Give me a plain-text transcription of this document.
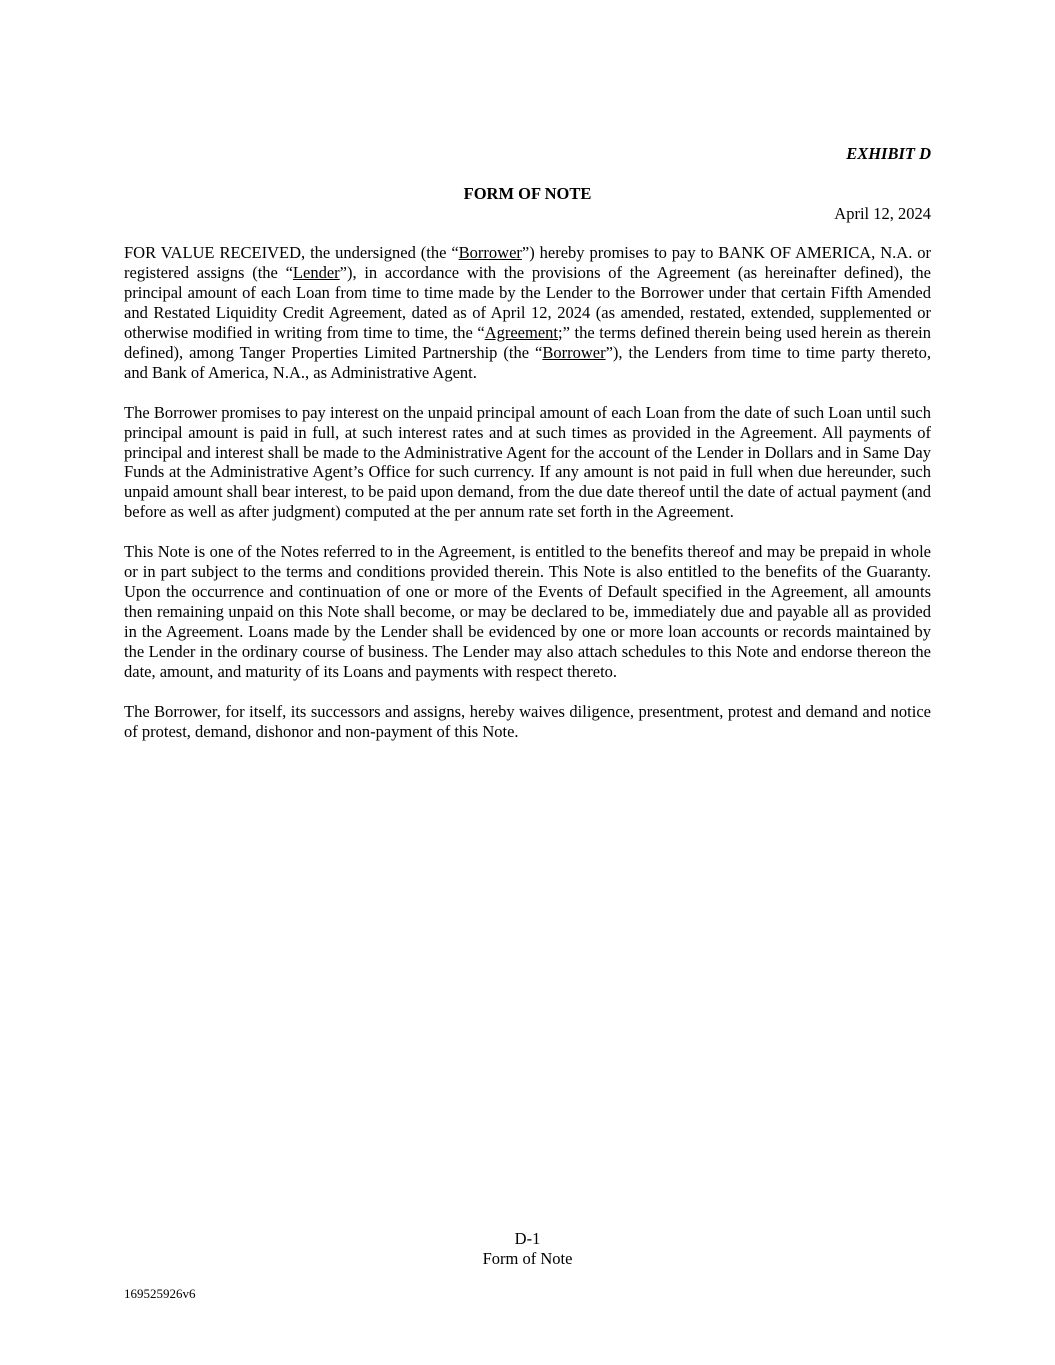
EXHIBIT D
FORM OF NOTE
April 12, 2024

FOR VALUE RECEIVED, the undersigned (the “Borrower”) hereby promises to pay to BANK OF AMERICA, N.A. or registered assigns (the “Lender”), in accordance with the provisions of the Agreement (as hereinafter defined), the principal amount of each Loan from time to time made by the Lender to the Borrower under that certain Fifth Amended and Restated Liquidity Credit Agreement, dated as of April 12, 2024 (as amended, restated, extended, supplemented or otherwise modified in writing from time to time, the “Agreement;” the terms defined therein being used herein as therein defined), among Tanger Properties Limited Partnership (the “Borrower”), the Lenders from time to time party thereto, and Bank of America, N.A., as Administrative Agent.

The Borrower promises to pay interest on the unpaid principal amount of each Loan from the date of such Loan until such principal amount is paid in full, at such interest rates and at such times as provided in the Agreement. All payments of principal and interest shall be made to the Administrative Agent for the account of the Lender in Dollars and in Same Day Funds at the Administrative Agent’s Office for such currency. If any amount is not paid in full when due hereunder, such unpaid amount shall bear interest, to be paid upon demand, from the due date thereof until the date of actual payment (and before as well as after judgment) computed at the per annum rate set forth in the Agreement.

This Note is one of the Notes referred to in the Agreement, is entitled to the benefits thereof and may be prepaid in whole or in part subject to the terms and conditions provided therein. This Note is also entitled to the benefits of the Guaranty. Upon the occurrence and continuation of one or more of the Events of Default specified in the Agreement, all amounts then remaining unpaid on this Note shall become, or may be declared to be, immediately due and payable all as provided in the Agreement. Loans made by the Lender shall be evidenced by one or more loan accounts or records maintained by the Lender in the ordinary course of business. The Lender may also attach schedules to this Note and endorse thereon the date, amount, and maturity of its Loans and payments with respect thereto.

The Borrower, for itself, its successors and assigns, hereby waives diligence, presentment, protest and demand and notice of protest, demand, dishonor and non-payment of this Note.

D-1
Form of Note
169525926v6
